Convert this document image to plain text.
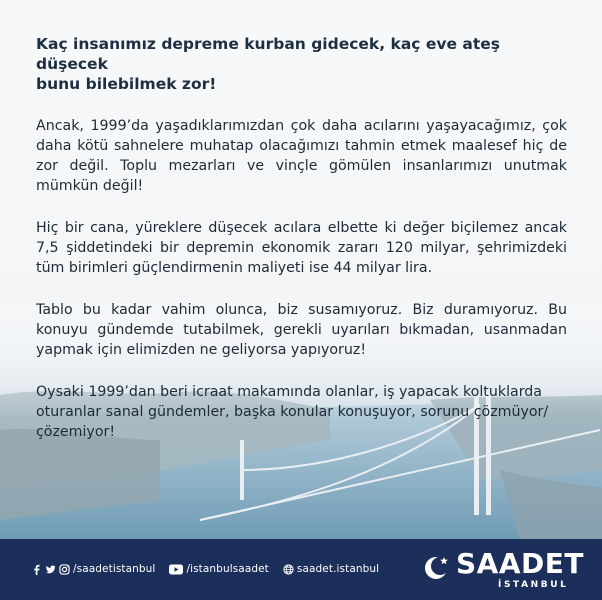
Kaç insanımız depreme kurban gidecek, kaç eve ateş düşecek
bunu bilebilmek zor!

Ancak, 1999’da yaşadıklarımızdan çok daha acılarını yaşayacağımız, çok daha kötü sahnelere muhatap olacağımızı tahmin etmek maalesef hiç de zor değil. Toplu mezarları ve vinçle gömülen insanlarımızı unutmak mümkün değil!

Hiç bir cana, yüreklere düşecek acılara elbette ki değer biçilemez ancak 7,5 şiddetindeki bir depremin ekonomik zararı 120 milyar, şehrimizdeki tüm birimleri güçlendirmenin maliyeti ise 44 milyar lira.

Tablo bu kadar vahim olunca, biz susamıyoruz. Biz duramıyoruz. Bu konuyu gündemde tutabilmek, gerekli uyarıları bıkmadan, usanmadan yapmak için elimizden ne geliyorsa yapıyoruz!

Oysaki 1999’dan beri icraat makamında olanlar, iş yapacak koltuklarda oturanlar sanal gündemler, başka konular konuşuyor, sorunu çözmüyor/çözemiyor!

/saadetistanbul	/istanbulsaadet	saadet.istanbul	SAADET
İSTANBUL
